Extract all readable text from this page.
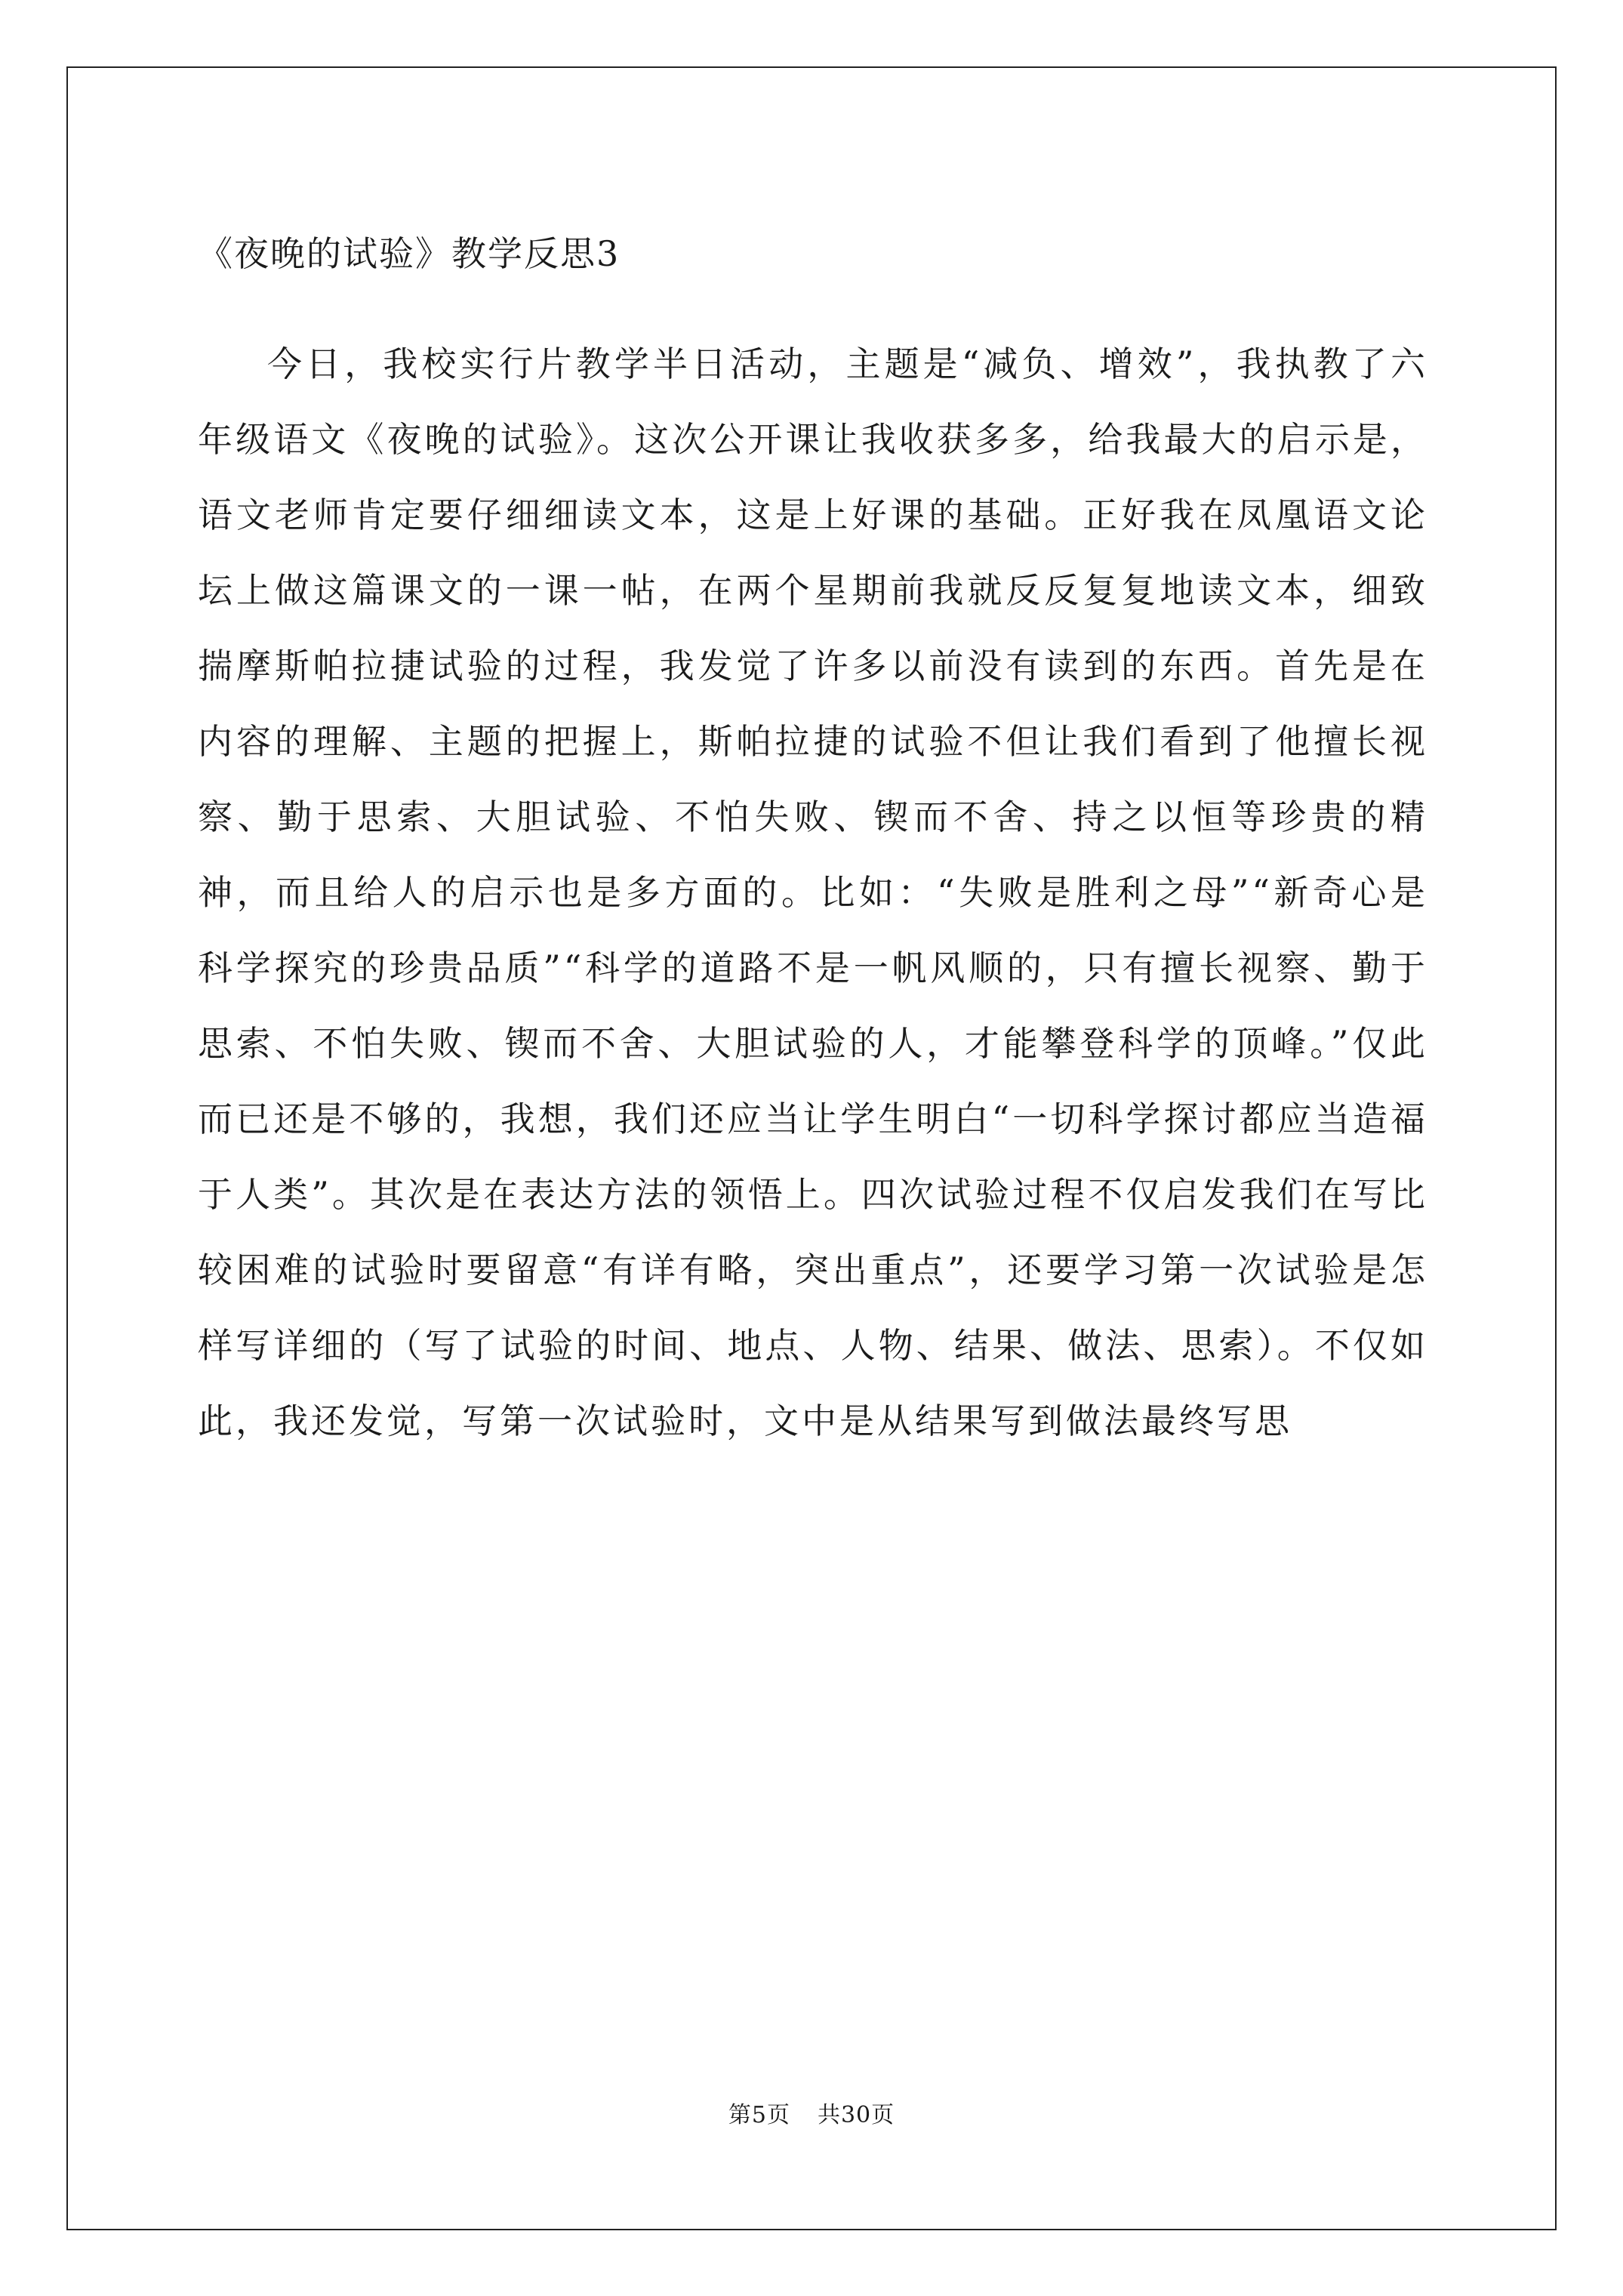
《夜晚的试验》教学反思3

今日，我校实行片教学半日活动，主题是“减负、增效”，我执教了六年级语文《夜晚的试验》。这次公开课让我收获多多，给我最大的启示是，语文老师肯定要仔细细读文本，这是上好课的基础。正好我在凤凰语文论坛上做这篇课文的一课一帖，在两个星期前我就反反复复地读文本，细致揣摩斯帕拉捷试验的过程，我发觉了许多以前没有读到的东西。首先是在内容的理解、主题的把握上，斯帕拉捷的试验不但让我们看到了他擅长视察、勤于思索、大胆试验、不怕失败、锲而不舍、持之以恒等珍贵的精神，而且给人的启示也是多方面的。比如：“失败是胜利之母”“新奇心是科学探究的珍贵品质”“科学的道路不是一帆风顺的，只有擅长视察、勤于思索、不怕失败、锲而不舍、大胆试验的人，才能攀登科学的顶峰。”仅此而已还是不够的，我想，我们还应当让学生明白“一切科学探讨都应当造福于人类”。其次是在表达方法的领悟上。四次试验过程不仅启发我们在写比较困难的试验时要留意“有详有略，突出重点”，还要学习第一次试验是怎样写详细的（写了试验的时间、地点、人物、结果、做法、思索）。不仅如此，我还发觉，写第一次试验时，文中是从结果写到做法最终写思

第5页 共30页
